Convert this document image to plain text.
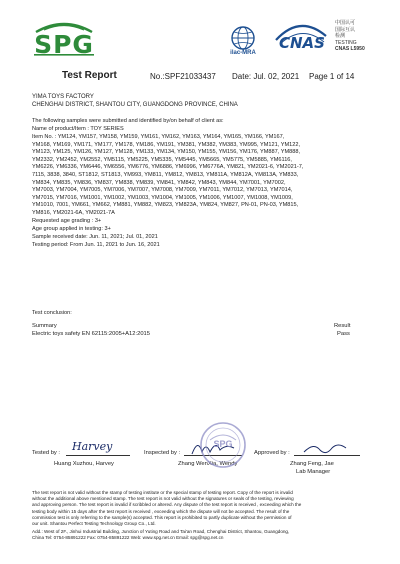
SPG	ilac-MRA
CNAS
中国认可
国际互认
检测
TESTING
CNAS L5950
Test Report	No.:SPF21033437 Date: Jul. 02, 2021 Page 1 of 14
YIMA TOYS FACTORY
CHENGHAI DISTRICT, SHANTOU CITY, GUANGDONG PROVINCE, CHINA
The following samples were submitted and identified by/on behalf of client as:
Name of product/Item : TOY SERIES
Item No. : YM124, YM157, YM158, YM159, YM161, YM162, YM163, YM164, YM165, YM166, YM167,
YM168, YM169, YM171, YM177, YM178, YM186, YM191, YM381, YM382, YM383, YM995, YM121, YM122,
YM123, YM125, YM126, YM127, YM128, YM133, YM134, YM150, YM155, YM156, YM176, YM887, YM888,
YM2332, YM2452, YM2552, YM5115, YM5225, YM5335, YM5445, YM5665, YM5775, YM5885, YM6116,
YM6226, YM6336, YM6446, YM6556, YM6776, YM6886, YM6996, YM6776A, YM821, YM2021-6, YM2021-7,
7115, 3838, 3840, ST1812, ST1813, YM993, YM811, YM812, YM813, YM811A, YM812A, YM813A, YM833,
YM834, YM835, YM836, YM837, YM838, YM839, YM841, YM842, YM843, YM844, YM7001, YM7002,
YM7003, YM7004, YM7005, YM7006, YM7007, YM7008, YM7009, YM7011, YM7012, YM7013, YM7014,
YM7015, YM7016, YM1001, YM1002, YM1003, YM1004, YM1005, YM1006, YM1007, YM1008, YM1009,
YM1010, 7001, YM661, YM662, YM881, YM882, YM823, YM823A, YM824, YM827, PN-01, PN-03, YM815,
YM816, YM2021-6A, YM2021-7A
Requested age grading : 3+
Age group applied in testing: 3+
Sample received date: Jun. 11, 2021; Jul. 01, 2021
Testing period: From Jun. 11, 2021 to Jun. 16, 2021
Test conclusion:
Summary	Result
Electric toys safety EN 62115:2005+A12:2015	Pass
Tested by : Harvey
Huang Xuzhou, Harvey
Inspected by :
Zhang WenXia, Wendy
Approved by :
Zhang Feng, Jae
Lab Manager
SPG
The test report is not valid without the stamp of testing institute or the special stamp of testing report. Copy of the report is invalid
without the additional above mentioned stamp. The test report is not valid without the signatures or seals of the testing, reviewing
and approving person. The test report is invalid if scribbled or altered. Any dispute of the test report is received , exceeding which the
testing body within 15 days after the test report is received , exceeding which the dispute will not be accepted. The result of the
commission test is only referring to the sample(s) accepted. This report is prohibited to partly duplicate without the permission of
our unit. Shantou Perfect Testing Technology Group Co., Ltd.
Add.: West of 2F., Jinhui Industrial Building, Junction of Yuting Road and Tai'an Road, Chenghai District, Shantou, Guangdong,
China Tel: 0754-85891222 Fax: 0754-85891222 Web: www.spg.net.cn Email: spg@spg.net.cn
